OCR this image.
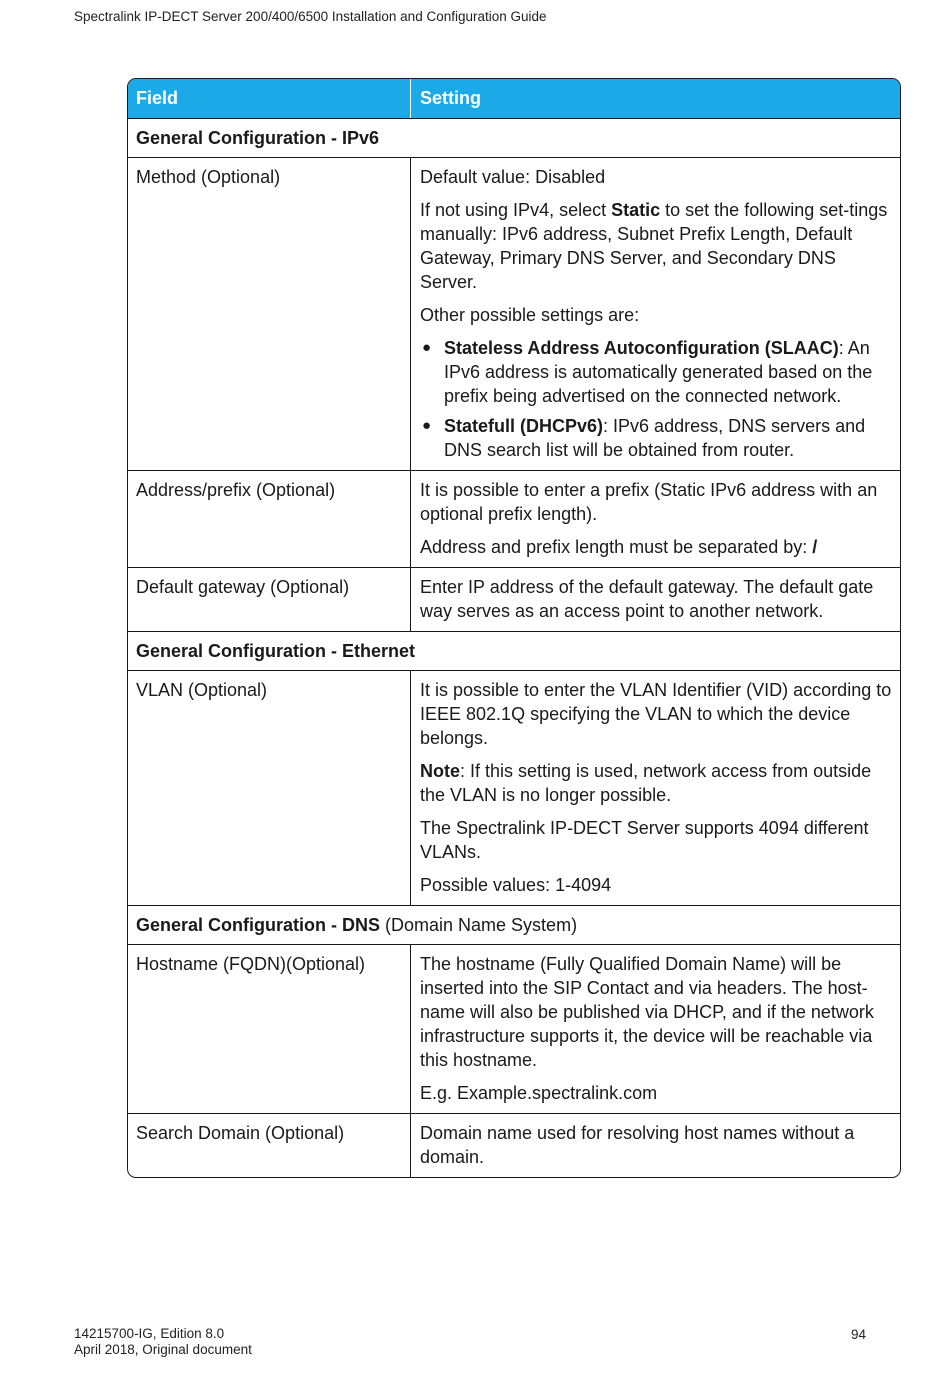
Spectralink IP-DECT Server 200/400/6500 Installation and Configuration Guide
Field	Setting
General Configuration - IPv6
Method (Optional)	Default value: Disabled

If not using IPv4, select Static to set the following set-tings manually: IPv6 address, Subnet Prefix Length, Default Gateway, Primary DNS Server, and Secondary DNS Server.

Other possible settings are:

● Stateless Address Autoconfiguration (SLAAC): An IPv6 address is automatically generated based on the prefix being advertised on the connected network.
● Statefull (DHCPv6): IPv6 address, DNS servers and DNS search list will be obtained from router.
Address/prefix (Optional)	It is possible to enter a prefix (Static IPv6 address with an optional prefix length).

Address and prefix length must be separated by: /

Default gateway (Optional)	Enter IP address of the default gateway. The default gate way serves as an access point to another network.

General Configuration - Ethernet
VLAN (Optional)	It is possible to enter the VLAN Identifier (VID) according to IEEE 802.1Q specifying the VLAN to which the device belongs.

Note: If this setting is used, network access from outside the VLAN is no longer possible.

The Spectralink IP-DECT Server supports 4094 different VLANs.

Possible values: 1-4094

General Configuration - DNS (Domain Name System)
Hostname (FQDN)(Optional)	The hostname (Fully Qualified Domain Name) will be inserted into the SIP Contact and via headers. The host-name will also be published via DHCP, and if the network infrastructure supports it, the device will be reachable via this hostname.

E.g. Example.spectralink.com

Search Domain (Optional)	Domain name used for resolving host names without a domain.

14215700-IG, Edition 8.0
April 2018, Original document
94
